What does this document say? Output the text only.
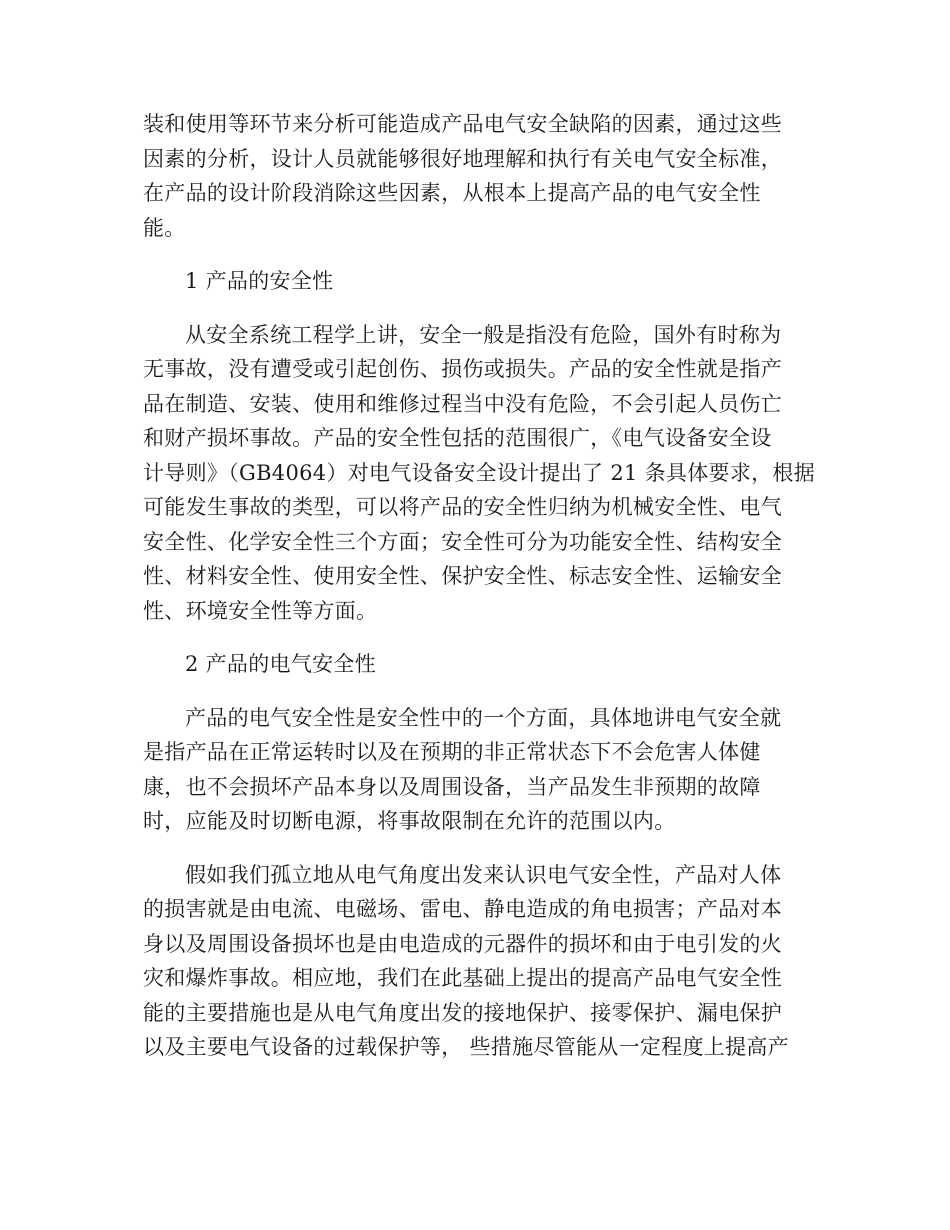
装和使用等环节来分析可能造成产品电气安全缺陷的因素，通过这些
因素的分析，设计人员就能够很好地理解和执行有关电气安全标准，
在产品的设计阶段消除这些因素，从根本上提高产品的电气安全性
能。
1 产品的安全性
从安全系统工程学上讲，安全一般是指没有危险，国外有时称为
无事故，没有遭受或引起创伤、损伤或损失。产品的安全性就是指产
品在制造、安装、使用和维修过程当中没有危险，不会引起人员伤亡
和财产损坏事故。产品的安全性包括的范围很广，《电气设备安全设
计导则》（GB4064）对电气设备安全设计提出了 21 条具体要求，根据
可能发生事故的类型，可以将产品的安全性归纳为机械安全性、电气
安全性、化学安全性三个方面；安全性可分为功能安全性、结构安全
性、材料安全性、使用安全性、保护安全性、标志安全性、运输安全
性、环境安全性等方面。
2 产品的电气安全性
产品的电气安全性是安全性中的一个方面，具体地讲电气安全就
是指产品在正常运转时以及在预期的非正常状态下不会危害人体健
康，也不会损坏产品本身以及周围设备，当产品发生非预期的故障
时，应能及时切断电源，将事故限制在允许的范围以内。
假如我们孤立地从电气角度出发来认识电气安全性，产品对人体
的损害就是由电流、电磁场、雷电、静电造成的角电损害；产品对本
身以及周围设备损坏也是由电造成的元器件的损坏和由于电引发的火
灾和爆炸事故。相应地，我们在此基础上提出的提高产品电气安全性
能的主要措施也是从电气角度出发的接地保护、接零保护、漏电保护
以及主要电气设备的过载保护等， 些措施尽管能从一定程度上提高产
